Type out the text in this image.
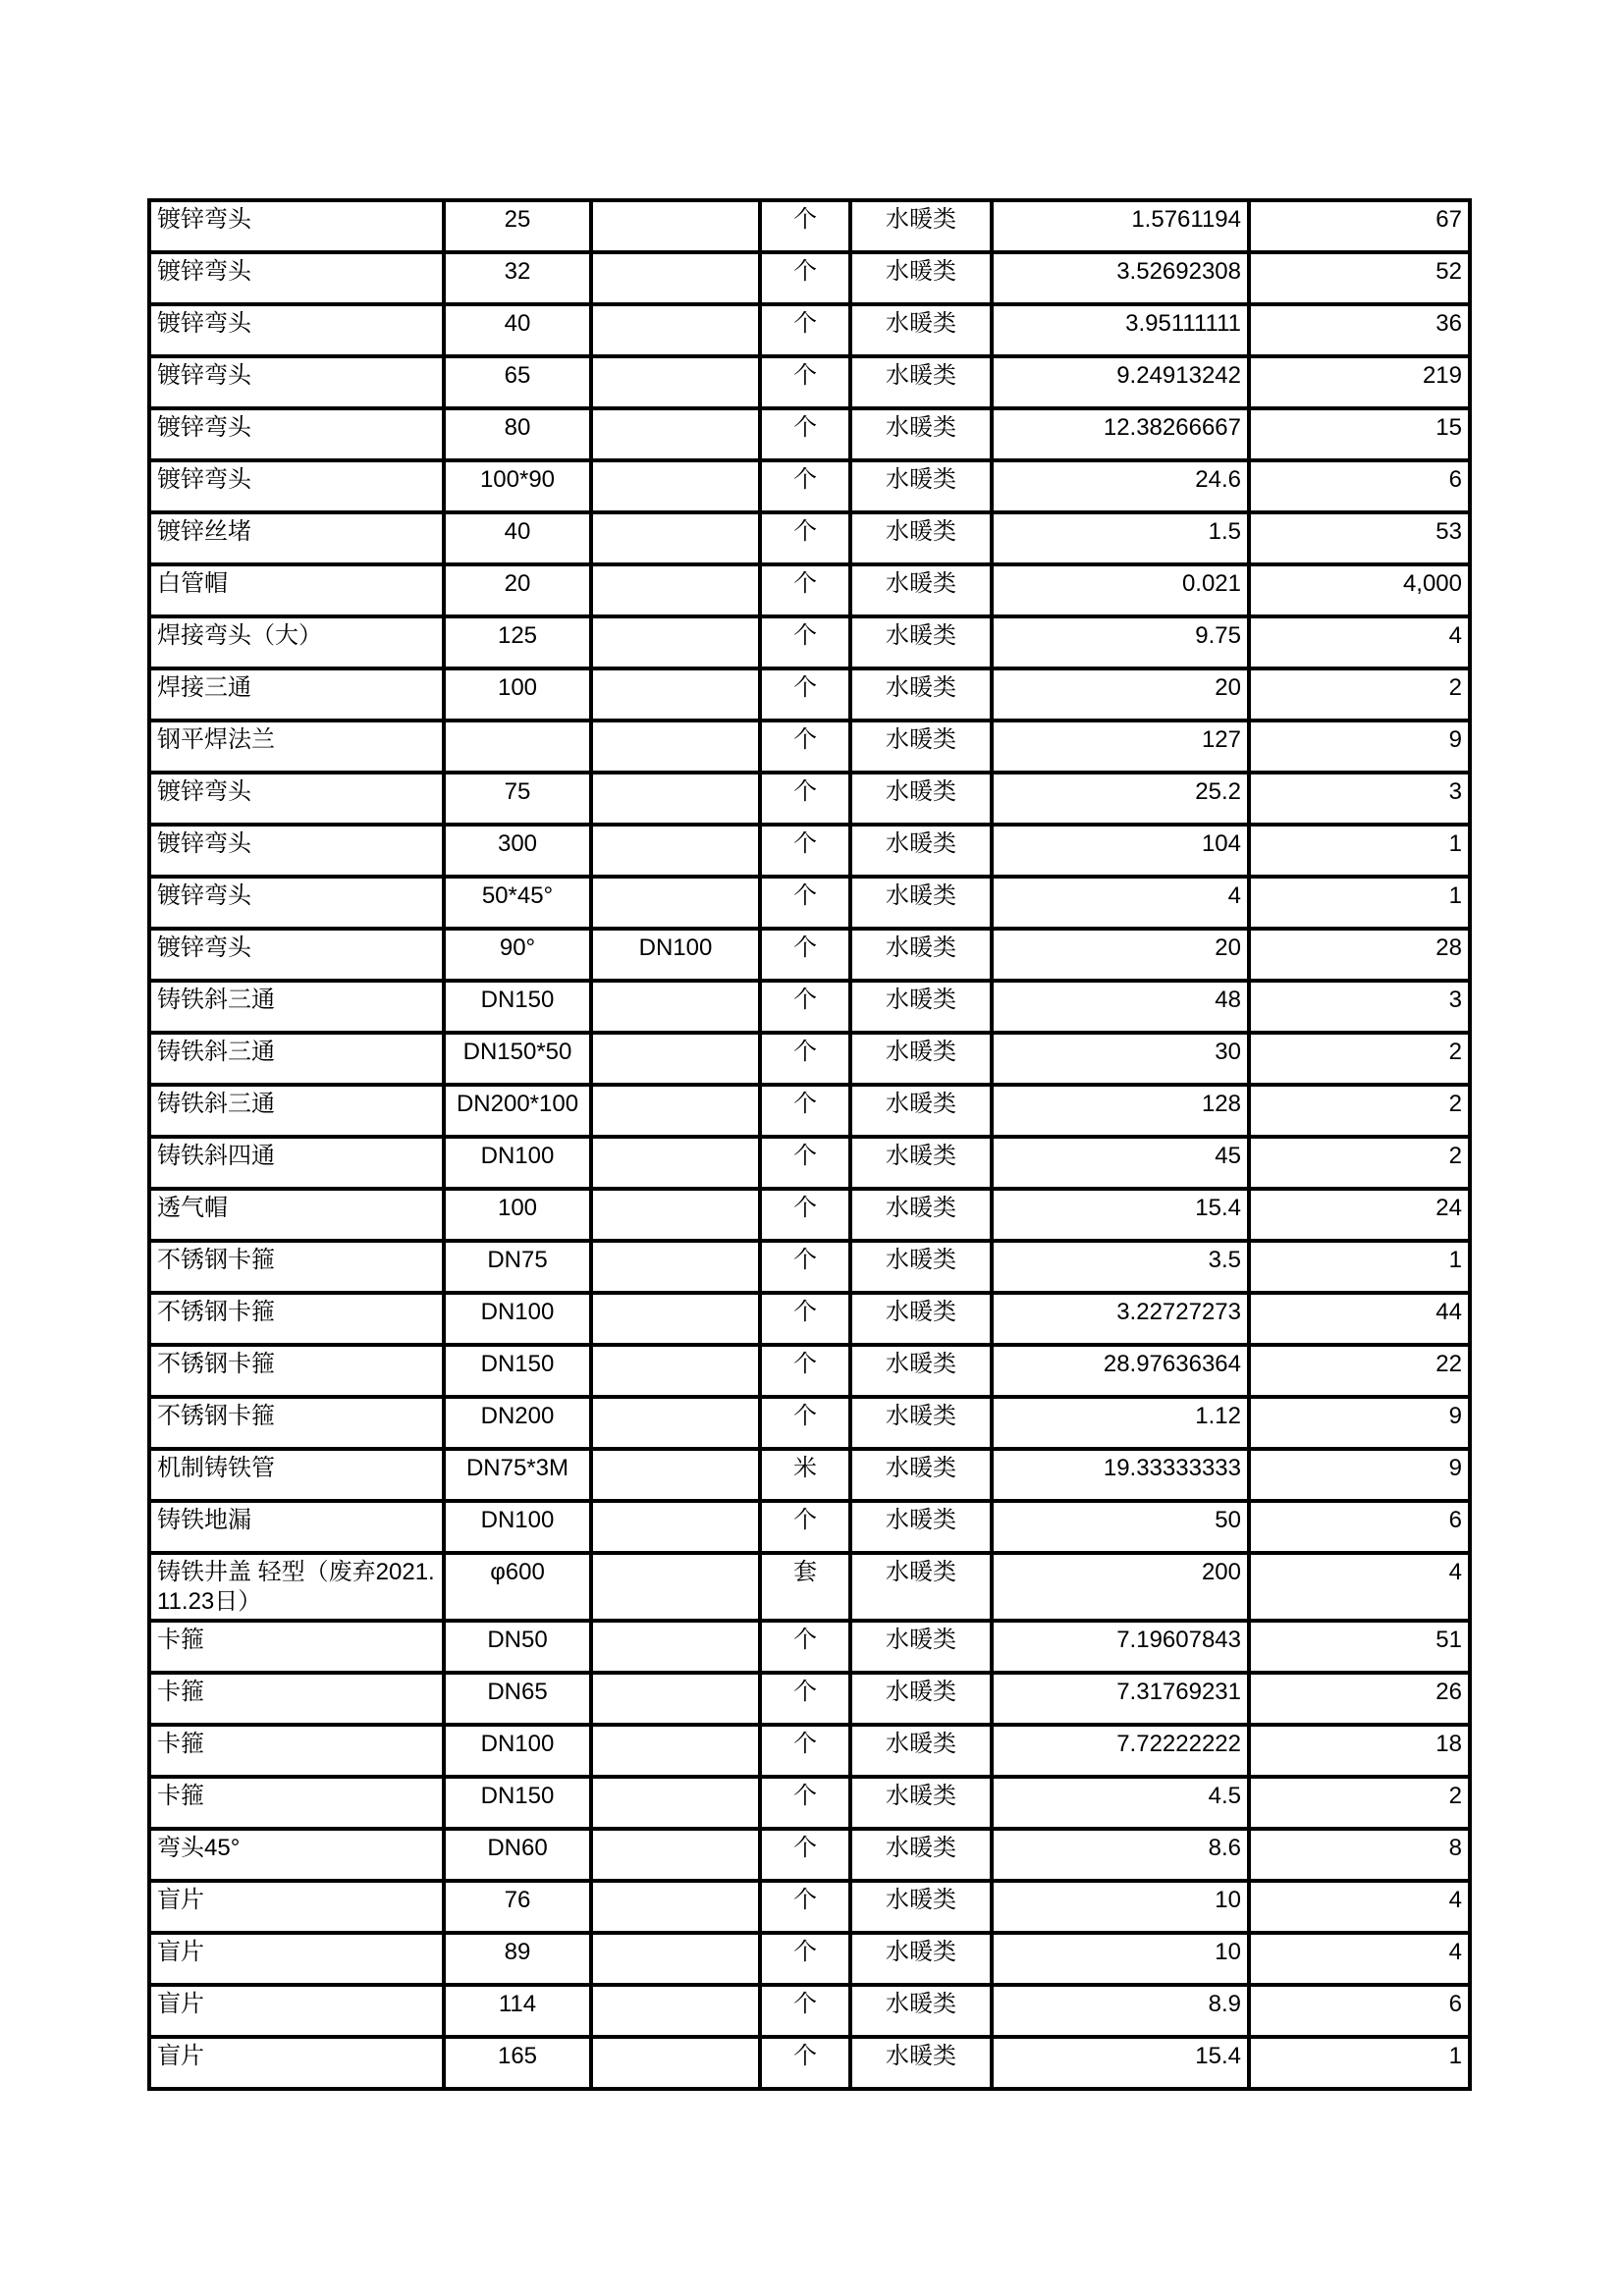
镀锌弯头	25		个	水暖类	1.5761194	67
镀锌弯头	32		个	水暖类	3.52692308	52
镀锌弯头	40		个	水暖类	3.95111111	36
镀锌弯头	65		个	水暖类	9.24913242	219
镀锌弯头	80		个	水暖类	12.38266667	15
镀锌弯头	100*90		个	水暖类	24.6	6
镀锌丝堵	40		个	水暖类	1.5	53
白管帽	20		个	水暖类	0.021	4,000
焊接弯头（大）	125		个	水暖类	9.75	4
焊接三通	100		个	水暖类	20	2
钢平焊法兰			个	水暖类	127	9
镀锌弯头	75		个	水暖类	25.2	3
镀锌弯头	300		个	水暖类	104	1
镀锌弯头	50*45°		个	水暖类	4	1
镀锌弯头	90°	DN100	个	水暖类	20	28
铸铁斜三通	DN150		个	水暖类	48	3
铸铁斜三通	DN150*50		个	水暖类	30	2
铸铁斜三通	DN200*100		个	水暖类	128	2
铸铁斜四通	DN100		个	水暖类	45	2
透气帽	100		个	水暖类	15.4	24
不锈钢卡箍	DN75		个	水暖类	3.5	1
不锈钢卡箍	DN100		个	水暖类	3.22727273	44
不锈钢卡箍	DN150		个	水暖类	28.97636364	22
不锈钢卡箍	DN200		个	水暖类	1.12	9
机制铸铁管	DN75*3M		米	水暖类	19.33333333	9
铸铁地漏	DN100		个	水暖类	50	6
铸铁井盖 轻型（废弃2021.11.23日）	φ600		套	水暖类	200	4
卡箍	DN50		个	水暖类	7.19607843	51
卡箍	DN65		个	水暖类	7.31769231	26
卡箍	DN100		个	水暖类	7.72222222	18
卡箍	DN150		个	水暖类	4.5	2
弯头45°	DN60		个	水暖类	8.6	8
盲片	76		个	水暖类	10	4
盲片	89		个	水暖类	10	4
盲片	114		个	水暖类	8.9	6
盲片	165		个	水暖类	15.4	1
